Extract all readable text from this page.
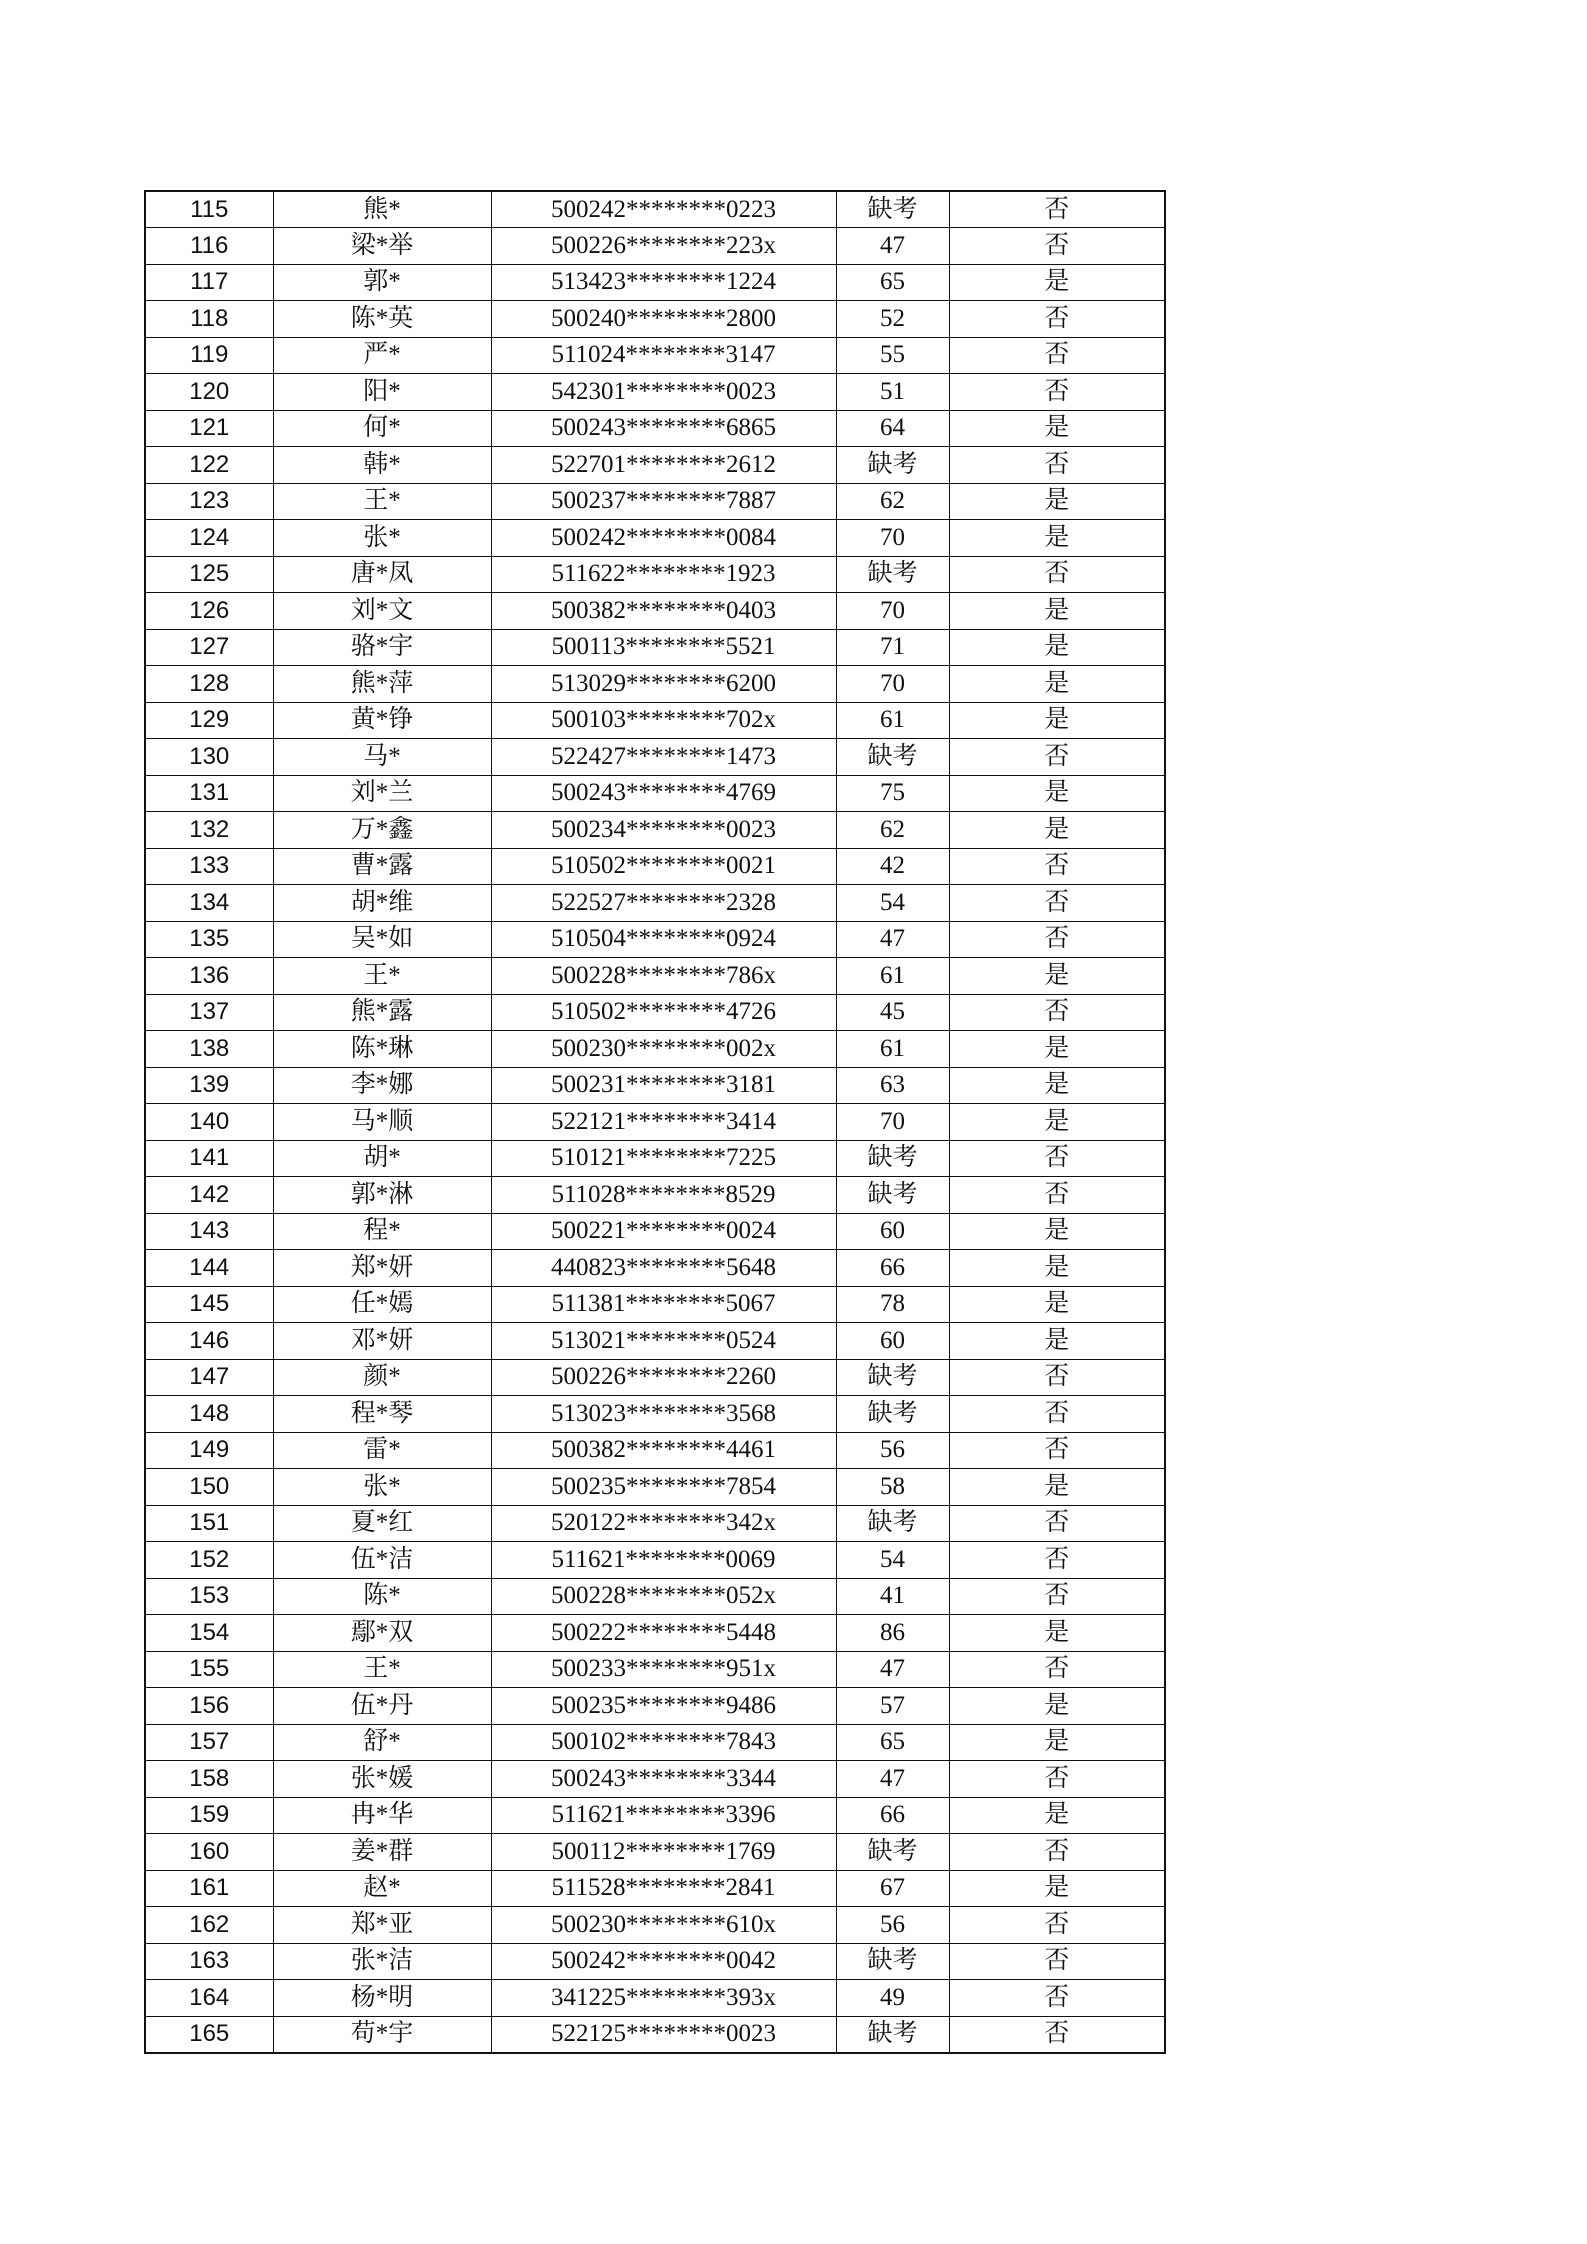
115	熊*	500242********0223	缺考	否
116	梁*举	500226********223x	47	否
117	郭*	513423********1224	65	是
118	陈*英	500240********2800	52	否
119	严*	511024********3147	55	否
120	阳*	542301********0023	51	否
121	何*	500243********6865	64	是
122	韩*	522701********2612	缺考	否
123	王*	500237********7887	62	是
124	张*	500242********0084	70	是
125	唐*凤	511622********1923	缺考	否
126	刘*文	500382********0403	70	是
127	骆*宇	500113********5521	71	是
128	熊*萍	513029********6200	70	是
129	黄*铮	500103********702x	61	是
130	马*	522427********1473	缺考	否
131	刘*兰	500243********4769	75	是
132	万*鑫	500234********0023	62	是
133	曹*露	510502********0021	42	否
134	胡*维	522527********2328	54	否
135	吴*如	510504********0924	47	否
136	王*	500228********786x	61	是
137	熊*露	510502********4726	45	否
138	陈*琳	500230********002x	61	是
139	李*娜	500231********3181	63	是
140	马*顺	522121********3414	70	是
141	胡*	510121********7225	缺考	否
142	郭*淋	511028********8529	缺考	否
143	程*	500221********0024	60	是
144	郑*妍	440823********5648	66	是
145	任*嫣	511381********5067	78	是
146	邓*妍	513021********0524	60	是
147	颜*	500226********2260	缺考	否
148	程*琴	513023********3568	缺考	否
149	雷*	500382********4461	56	否
150	张*	500235********7854	58	是
151	夏*红	520122********342x	缺考	否
152	伍*洁	511621********0069	54	否
153	陈*	500228********052x	41	否
154	鄢*双	500222********5448	86	是
155	王*	500233********951x	47	否
156	伍*丹	500235********9486	57	是
157	舒*	500102********7843	65	是
158	张*媛	500243********3344	47	否
159	冉*华	511621********3396	66	是
160	姜*群	500112********1769	缺考	否
161	赵*	511528********2841	67	是
162	郑*亚	500230********610x	56	否
163	张*洁	500242********0042	缺考	否
164	杨*明	341225********393x	49	否
165	苟*宇	522125********0023	缺考	否
